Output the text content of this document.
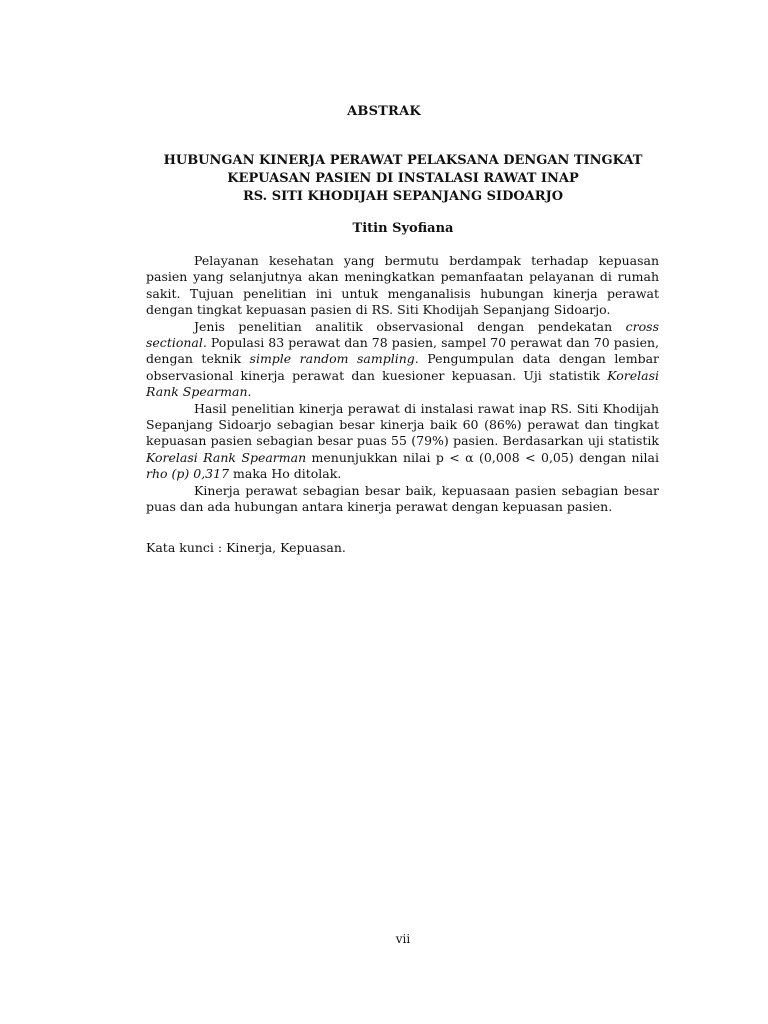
ABSTRAK
HUBUNGAN KINERJA PERAWAT PELAKSANA DENGAN TINGKAT
KEPUASAN PASIEN DI INSTALASI RAWAT INAP
RS. SITI KHODIJAH SEPANJANG SIDOARJO
Titin Syofiana

Pelayanan kesehatan yang bermutu berdampak terhadap kepuasan pasien yang selanjutnya akan meningkatkan pemanfaatan pelayanan di rumah sakit. Tujuan penelitian ini untuk menganalisis hubungan kinerja perawat dengan tingkat kepuasan pasien di RS. Siti Khodijah Sepanjang Sidoarjo.

Jenis penelitian analitik observasional dengan pendekatan cross sectional. Populasi 83 perawat dan 78 pasien, sampel 70 perawat dan 70 pasien, dengan teknik simple random sampling. Pengumpulan data dengan lembar observasional kinerja perawat dan kuesioner kepuasan. Uji statistik Korelasi Rank Spearman.

Hasil penelitian kinerja perawat di instalasi rawat inap RS. Siti Khodijah Sepanjang Sidoarjo sebagian besar kinerja baik 60 (86%) perawat dan tingkat kepuasan pasien sebagian besar puas 55 (79%) pasien. Berdasarkan uji statistik Korelasi Rank Spearman menunjukkan nilai p < α (0,008 < 0,05) dengan nilai rho (p) 0,317 maka Ho ditolak.

Kinerja perawat sebagian besar baik, kepuasaan pasien sebagian besar puas dan ada hubungan antara kinerja perawat dengan kepuasan pasien.

Kata kunci : Kinerja, Kepuasan.
vii
